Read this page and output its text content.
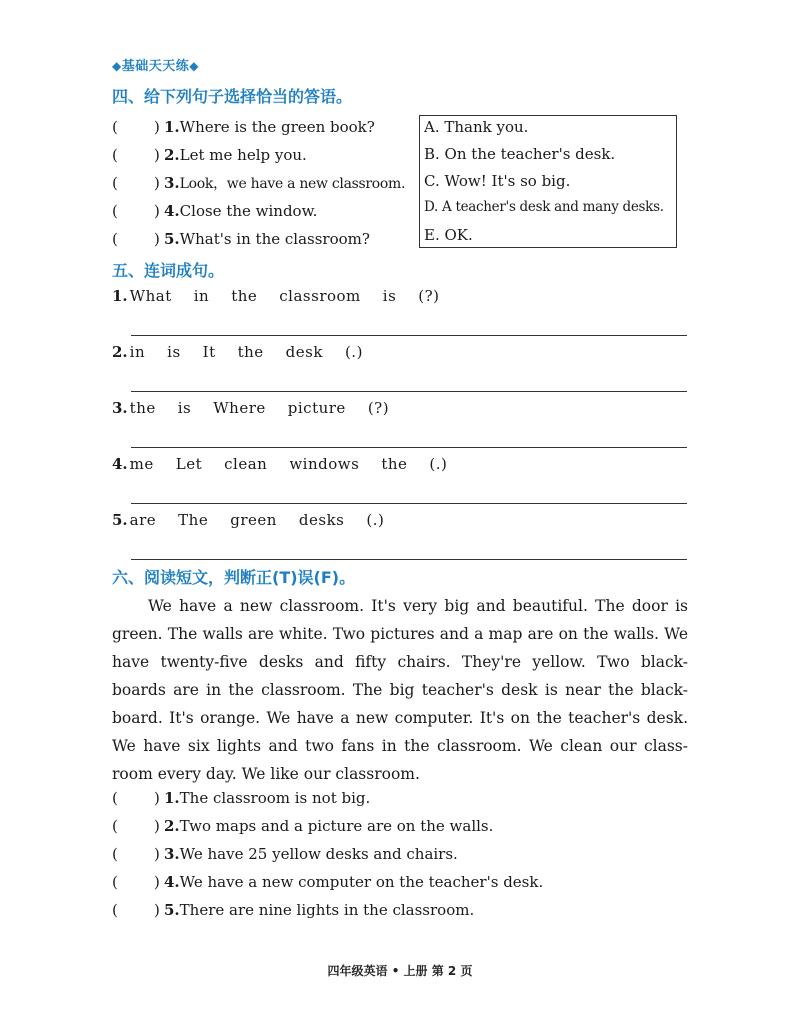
◆基础天天练◆
四、给下列句子选择恰当的答语。
(	) 1. Where is the green book?
(	) 2. Let me help you.
(	) 3. Look，we have a new classroom.
(	) 4. Close the window.
(	) 5. What's in the classroom?
A. Thank you.
B. On the teacher's desk.
C. Wow! It's so big.
D. A teacher's desk and many desks.
E. OK.
五、连词成句。
1. What in the classroom is (?)
2. in is It the desk (.)
3. the is Where picture (?)
4. me Let clean windows the (.)
5. are The green desks (.)
六、阅读短文，判断正(T)误(F)。
We have a new classroom. It's very big and beautiful. The door is
green. The walls are white. Two pictures and a map are on the walls. We
have twenty-five desks and fifty chairs. They're yellow. Two black-
boards are in the classroom. The big teacher's desk is near the black-
board. It's orange. We have a new computer. It's on the teacher's desk.
We have six lights and two fans in the classroom. We clean our class-
room every day. We like our classroom.
(	) 1. The classroom is not big.
(	) 2. Two maps and a picture are on the walls.
(	) 3. We have 25 yellow desks and chairs.
(	) 4. We have a new computer on the teacher's desk.
(	) 5. There are nine lights in the classroom.
四年级英语 • 上册 第 2 页
